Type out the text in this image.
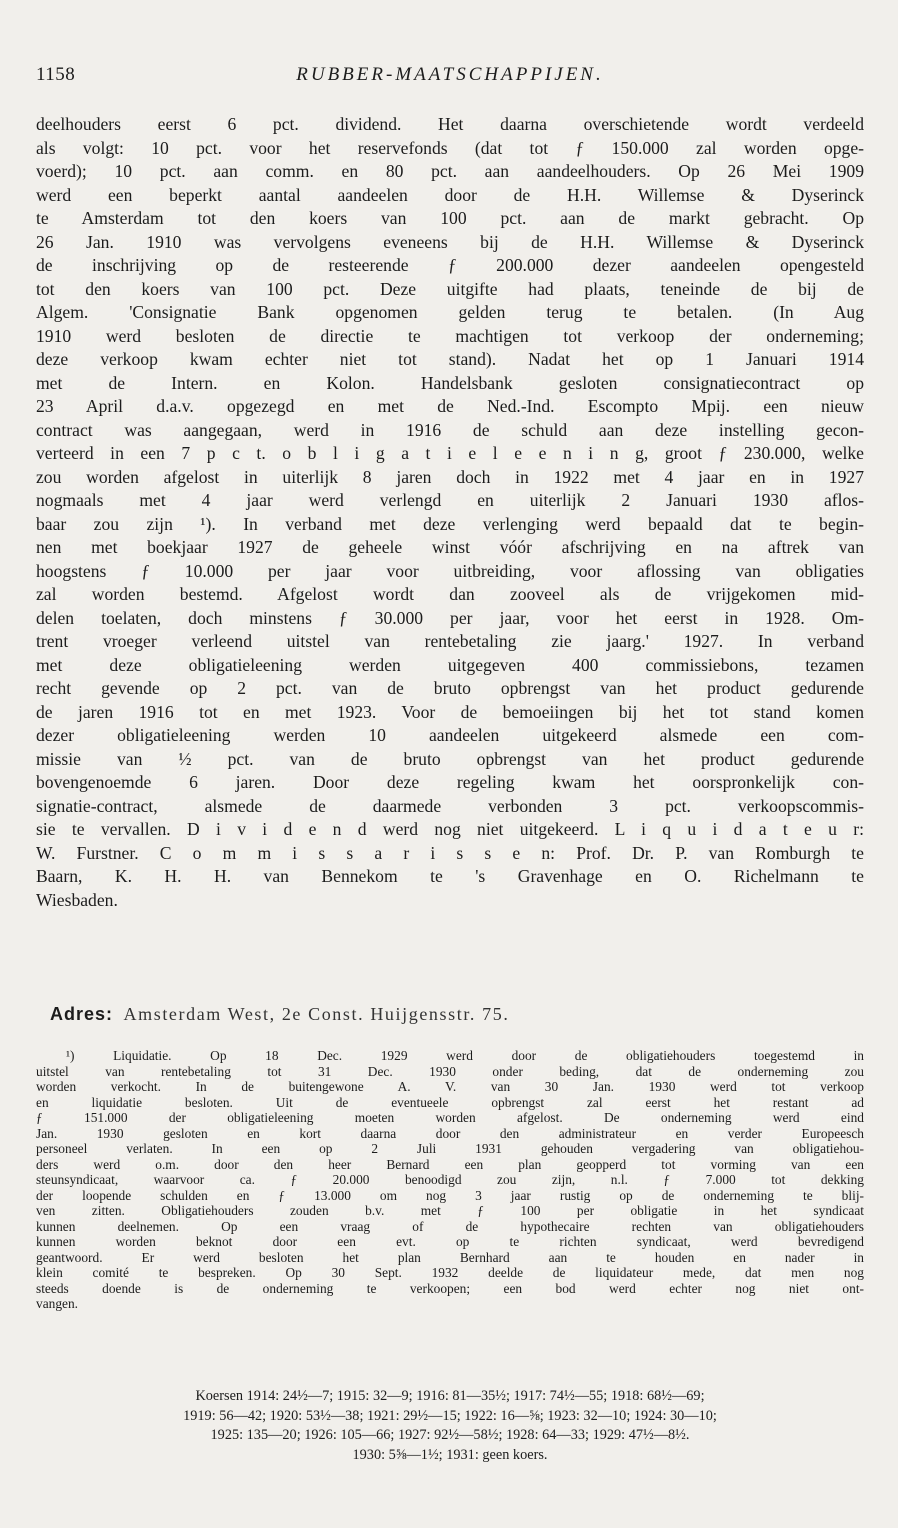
1158	RUBBER-MAATSCHAPPIJEN.
deelhouders eerst 6 pct. dividend. Het daarna overschietende wordt verdeeld
als volgt: 10 pct. voor het reservefonds (dat tot ƒ 150.000 zal worden opge-
voerd); 10 pct. aan comm. en 80 pct. aan aandeelhouders. Op 26 Mei 1909
werd een beperkt aantal aandeelen door de H.H. Willemse & Dyserinck
te Amsterdam tot den koers van 100 pct. aan de markt gebracht. Op
26 Jan. 1910 was vervolgens eveneens bij de H.H. Willemse & Dyserinck
de inschrijving op de resteerende ƒ 200.000 dezer aandeelen opengesteld
tot den koers van 100 pct. Deze uitgifte had plaats, teneinde de bij de
Algem. 'Consignatie Bank opgenomen gelden terug te betalen. (In Aug
1910 werd besloten de directie te machtigen tot verkoop der onderneming;
deze verkoop kwam echter niet tot stand). Nadat het op 1 Januari 1914
met de Intern. en Kolon. Handelsbank gesloten consignatiecontract op
23 April d.a.v. opgezegd en met de Ned.-Ind. Escompto Mpij. een nieuw
contract was aangegaan, werd in 1916 de schuld aan deze instelling gecon-
verteerd in een 7 p c t. o b l i g a t i e l e e n i n g, groot ƒ 230.000, welke
zou worden afgelost in uiterlijk 8 jaren doch in 1922 met 4 jaar en in 1927
nogmaals met 4 jaar werd verlengd en uiterlijk 2 Januari 1930 aflos-
baar zou zijn ¹). In verband met deze verlenging werd bepaald dat te begin-
nen met boekjaar 1927 de geheele winst vóór afschrijving en na aftrek van
hoogstens ƒ 10.000 per jaar voor uitbreiding, voor aflossing van obligaties
zal worden bestemd. Afgelost wordt dan zooveel als de vrijgekomen mid-
delen toelaten, doch minstens ƒ 30.000 per jaar, voor het eerst in 1928. Om-
trent vroeger verleend uitstel van rentebetaling zie jaarg.' 1927. In verband
met deze obligatieleening werden uitgegeven 400 commissiebons, tezamen
recht gevende op 2 pct. van de bruto opbrengst van het product gedurende
de jaren 1916 tot en met 1923. Voor de bemoeiingen bij het tot stand komen
dezer obligatieleening werden 10 aandeelen uitgekeerd alsmede een com-
missie van ½ pct. van de bruto opbrengst van het product gedurende
bovengenoemde 6 jaren. Door deze regeling kwam het oorspronkelijk con-
signatie-contract, alsmede de daarmede verbonden 3 pct. verkoopscommis-
sie te vervallen. D i v i d e n d werd nog niet uitgekeerd. L i q u i d a t e u r:
W. Furstner. C o m m i s s a r i s s e n: Prof. Dr. P. van Romburgh te
Baarn, K. H. H. van Bennekom te 's Gravenhage en O. Richelmann te
Wiesbaden.
Adres: Amsterdam West, 2e Const. Huijgensstr. 75.
¹) Liquidatie. Op 18 Dec. 1929 werd door de obligatiehouders toegestemd in
uitstel van rentebetaling tot 31 Dec. 1930 onder beding, dat de onderneming zou
worden verkocht. In de buitengewone A. V. van 30 Jan. 1930 werd tot verkoop
en liquidatie besloten. Uit de eventueele opbrengst zal eerst het restant ad
ƒ 151.000 der obligatieleening moeten worden afgelost. De onderneming werd eind
Jan. 1930 gesloten en kort daarna door den administrateur en verder Europeesch
personeel verlaten. In een op 2 Juli 1931 gehouden vergadering van obligatiehou-
ders werd o.m. door den heer Bernard een plan geopperd tot vorming van een
steunsyndicaat, waarvoor ca. ƒ 20.000 benoodigd zou zijn, n.l. ƒ 7.000 tot dekking
der loopende schulden en ƒ 13.000 om nog 3 jaar rustig op de onderneming te blij-
ven zitten. Obligatiehouders zouden b.v. met ƒ 100 per obligatie in het syndicaat
kunnen deelnemen. Op een vraag of de hypothecaire rechten van obligatiehouders
kunnen worden beknot door een evt. op te richten syndicaat, werd bevredigend
geantwoord. Er werd besloten het plan Bernhard aan te houden en nader in
klein comité te bespreken. Op 30 Sept. 1932 deelde de liquidateur mede, dat men nog
steeds doende is de onderneming te verkoopen; een bod werd echter nog niet ont-
vangen.
Koersen 1914: 24½—7; 1915: 32—9; 1916: 81—35½; 1917: 74½—55; 1918: 68½—69;
1919: 56—42; 1920: 53½—38; 1921: 29½—15; 1922: 16—⅝; 1923: 32—10; 1924: 30—10;
1925: 135—20; 1926: 105—66; 1927: 92½—58½; 1928: 64—33; 1929: 47½—8½.
1930: 5⅝—1½; 1931: geen koers.
